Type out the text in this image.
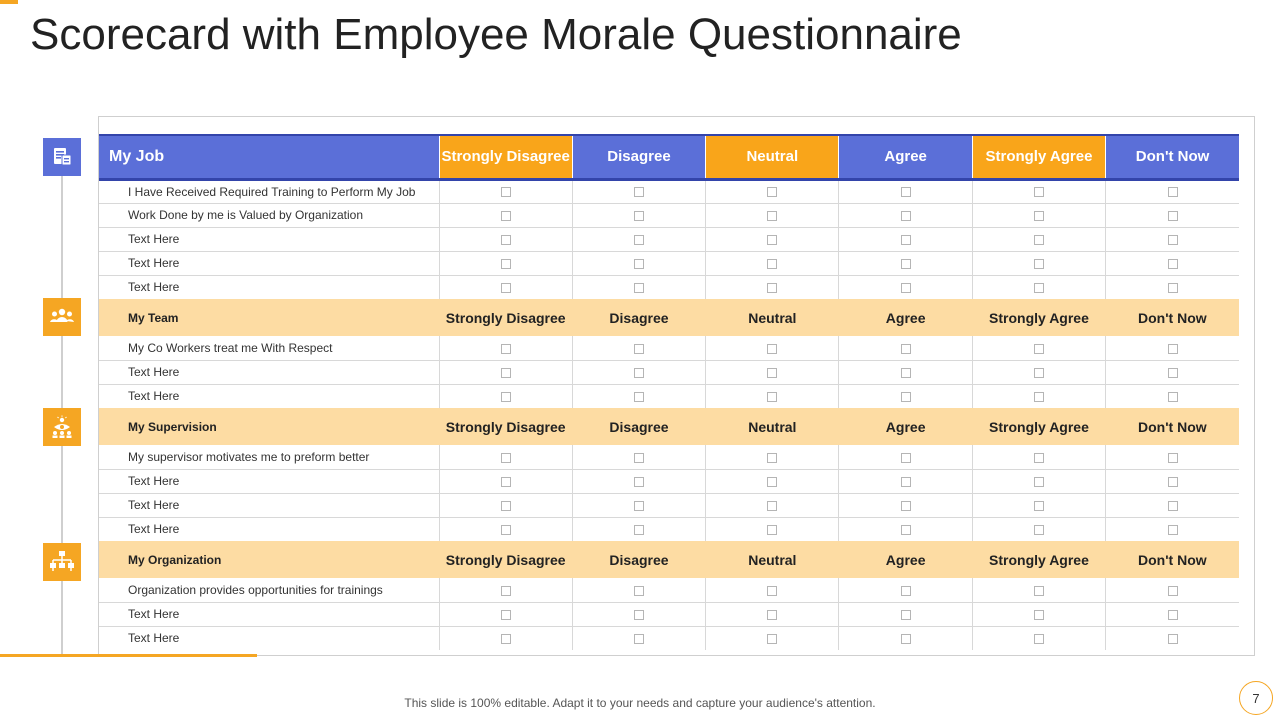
Scorecard with Employee Morale Questionnaire
My Job	Strongly Disagree	Disagree	Neutral	Agree	Strongly Agree	Don't Now
I Have Received Required Training to Perform My Job						
Work Done by me is Valued by Organization						
Text Here						
Text Here						
Text Here						
My Team	Strongly Disagree	Disagree	Neutral	Agree	Strongly Agree	Don't Now
My Co Workers treat me With Respect						
Text Here						
Text Here						
My Supervision	Strongly Disagree	Disagree	Neutral	Agree	Strongly Agree	Don't Now
My supervisor motivates me to preform better						
Text Here						
Text Here						
Text Here						
My Organization	Strongly Disagree	Disagree	Neutral	Agree	Strongly Agree	Don't Now
Organization provides opportunities for trainings						
Text Here						
Text Here						
This slide is 100% editable. Adapt it to your needs and capture your audience's attention.	7
